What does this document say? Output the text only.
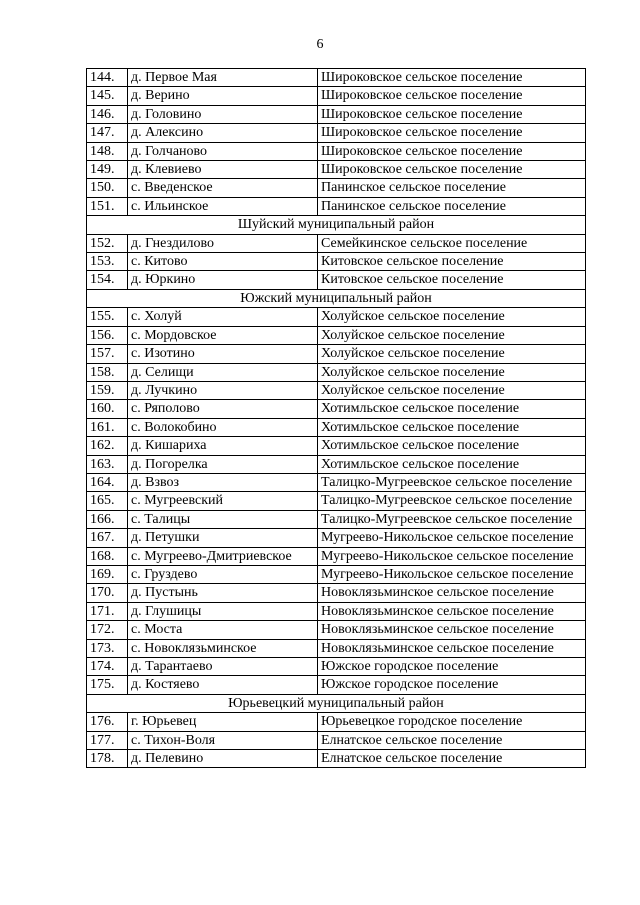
6
144.	д. Первое Мая	Широковское сельское поселение
145.	д. Верино	Широковское сельское поселение
146.	д. Головино	Широковское сельское поселение
147.	д. Алексино	Широковское сельское поселение
148.	д. Голчаново	Широковское сельское поселение
149.	д. Клевиево	Широковское сельское поселение
150.	с. Введенское	Панинское сельское поселение
151.	с. Ильинское	Панинское сельское поселение
Шуйский муниципальный район		
152.	д. Гнездилово	Семейкинское сельское поселение
153.	с. Китово	Китовское сельское поселение
154.	д. Юркино	Китовское сельское поселение
Южский муниципальный район		
155.	с. Холуй	Холуйское сельское поселение
156.	с. Мордовское	Холуйское сельское поселение
157.	с. Изотино	Холуйское сельское поселение
158.	д. Селищи	Холуйское сельское поселение
159.	д. Лучкино	Холуйское сельское поселение
160.	с. Ряполово	Хотимльское сельское поселение
161.	с. Волокобино	Хотимльское сельское поселение
162.	д. Кишариха	Хотимльское сельское поселение
163.	д. Погорелка	Хотимльское сельское поселение
164.	д. Взвоз	Талицко-Мугреевское сельское поселение
165.	с. Мугреевский	Талицко-Мугреевское сельское поселение
166.	с. Талицы	Талицко-Мугреевское сельское поселение
167.	д. Петушки	Мугреево-Никольское сельское поселение
168.	с. Мугреево-Дмитриевское	Мугреево-Никольское сельское поселение
169.	с. Груздево	Мугреево-Никольское сельское поселение
170.	д. Пустынь	Новоклязьминское сельское поселение
171.	д. Глушицы	Новоклязьминское сельское поселение
172.	с. Моста	Новоклязьминское сельское поселение
173.	с. Новоклязьминское	Новоклязьминское сельское поселение
174.	д. Тарантаево	Южское городское поселение
175.	д. Костяево	Южское городское поселение
Юрьевецкий муниципальный район		
176.	г. Юрьевец	Юрьевецкое городское поселение
177.	с. Тихон-Воля	Елнатское сельское поселение
178.	д. Пелевино	Елнатское сельское поселение
